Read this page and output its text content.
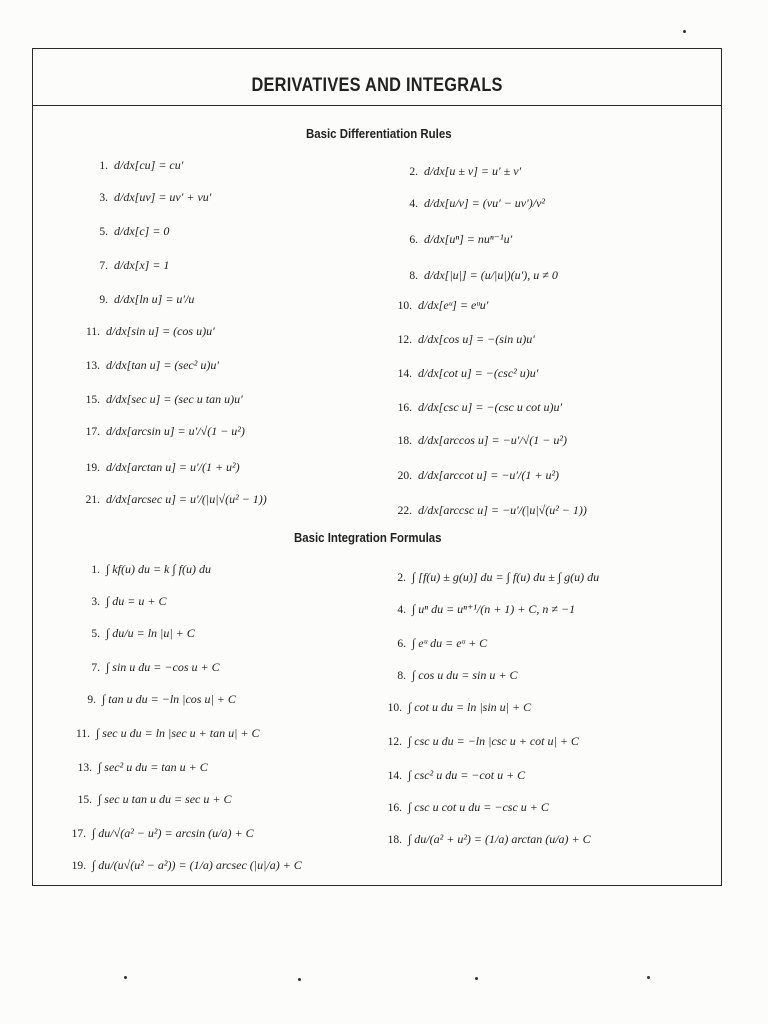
DERIVATIVES AND INTEGRALS
Basic Differentiation Rules
Basic Integration Formulas
1. d/dx[cu] = cu′	2. d/dx[u ± v] = u′ ± v′
3. d/dx[uv] = uv′ + vu′	4. d/dx[u/v] = (vu′ − uv′)/v²
5. d/dx[c] = 0
6. d/dx[uⁿ] = nuⁿ⁻¹u′
7. d/dx[x] = 1
8. d/dx[|u|] = (u/|u|)(u′), u ≠ 0
9. d/dx[ln u] = u′/u	10. d/dx[eᵘ] = eᵘu′
11. d/dx[sin u] = (cos u)u′
12. d/dx[cos u] = −(sin u)u′
13. d/dx[tan u] = (sec² u)u′
14. d/dx[cot u] = −(csc² u)u′
15. d/dx[sec u] = (sec u tan u)u′
16. d/dx[csc u] = −(csc u cot u)u′
17. d/dx[arcsin u] = u′/√(1 − u²)
18. d/dx[arccos u] = −u′/√(1 − u²)
19. d/dx[arctan u] = u′/(1 + u²)
20. d/dx[arccot u] = −u′/(1 + u²)
21. d/dx[arcsec u] = u′/(|u|√(u² − 1))
22. d/dx[arccsc u] = −u′/(|u|√(u² − 1))
1. ∫ kf(u) du = k ∫ f(u) du
2. ∫ [f(u) ± g(u)] du = ∫ f(u) du ± ∫ g(u) du
3. ∫ du = u + C
4. ∫ uⁿ du = uⁿ⁺¹/(n + 1) + C, n ≠ −1
5. ∫ du/u = ln |u| + C
6. ∫ eᵘ du = eᵘ + C
7. ∫ sin u du = −cos u + C
8. ∫ cos u du = sin u + C
9. ∫ tan u du = −ln |cos u| + C
10. ∫ cot u du = ln |sin u| + C
11. ∫ sec u du = ln |sec u + tan u| + C
12. ∫ csc u du = −ln |csc u + cot u| + C
13. ∫ sec² u du = tan u + C
14. ∫ csc² u du = −cot u + C
15. ∫ sec u tan u du = sec u + C
16. ∫ csc u cot u du = −csc u + C
17. ∫ du/√(a² − u²) = arcsin (u/a) + C	18. ∫ du/(a² + u²) = (1/a) arctan (u/a) + C
19. ∫ du/(u√(u² − a²)) = (1/a) arcsec (|u|/a) + C
